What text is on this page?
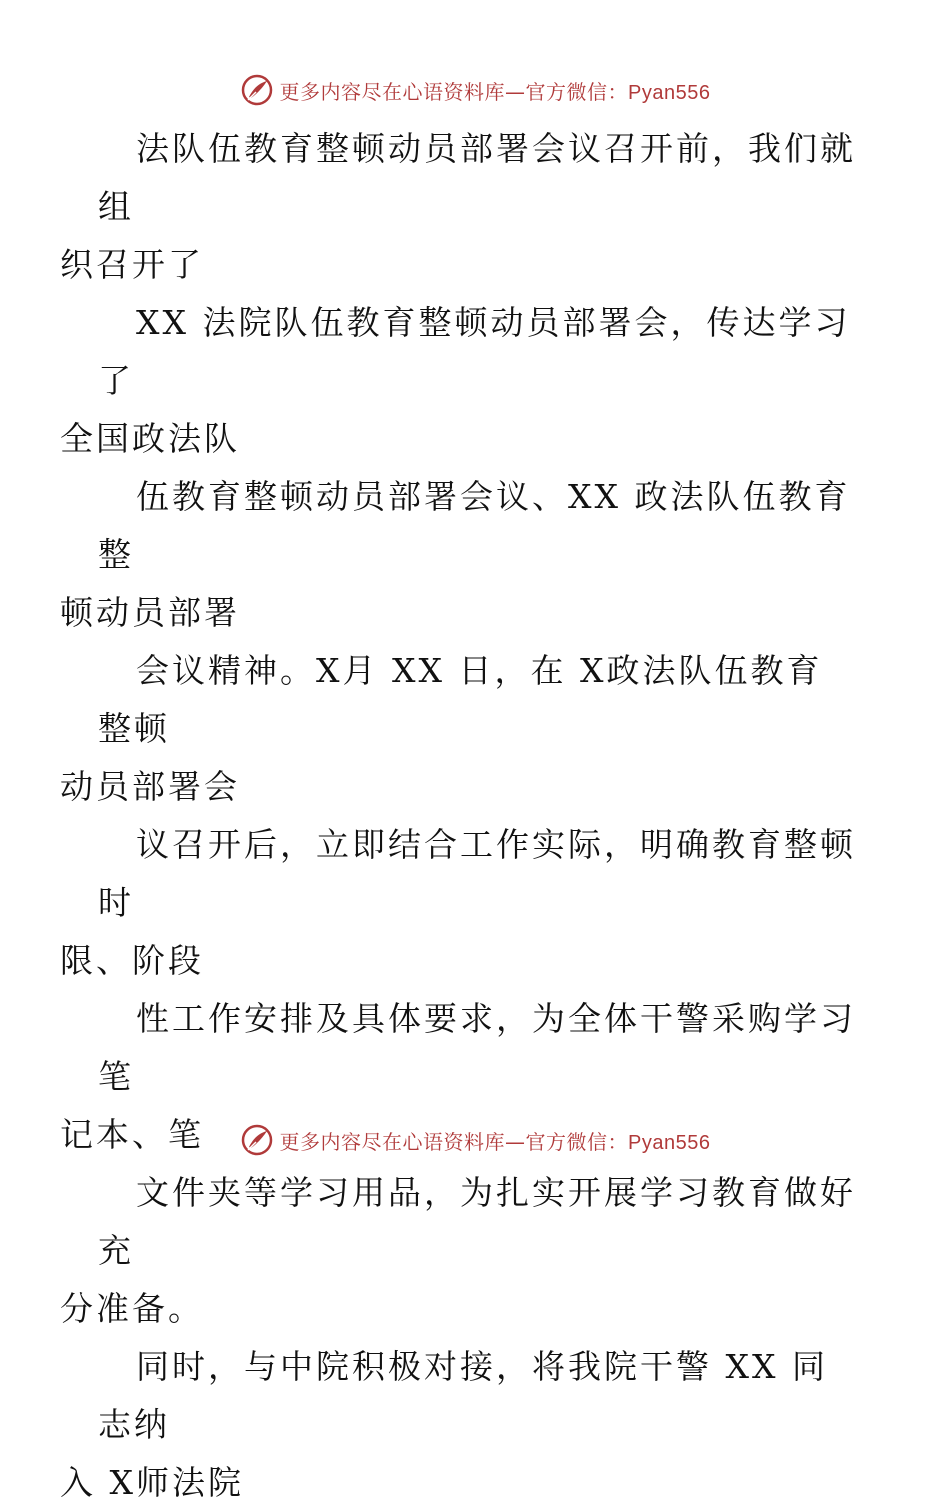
更多内容尽在心语资料库—官方微信：Pyan556

法队伍教育整顿动员部署会议召开前，我们就组
织召开了

XX 法院队伍教育整顿动员部署会，传达学习了
全国政法队

伍教育整顿动员部署会议、XX 政法队伍教育整
顿动员部署

会议精神。X月 XX 日，在 X政法队伍教育整顿
动员部署会

议召开后，立即结合工作实际，明确教育整顿时
限、阶段

性工作安排及具体要求，为全体干警采购学习笔
记本、笔

文件夹等学习用品，为扎实开展学习教育做好充
分准备。

同时，与中院积极对接，将我院干警 XX 同志纳
入 X师法院

更多内容尽在心语资料库—官方微信：Pyan556
